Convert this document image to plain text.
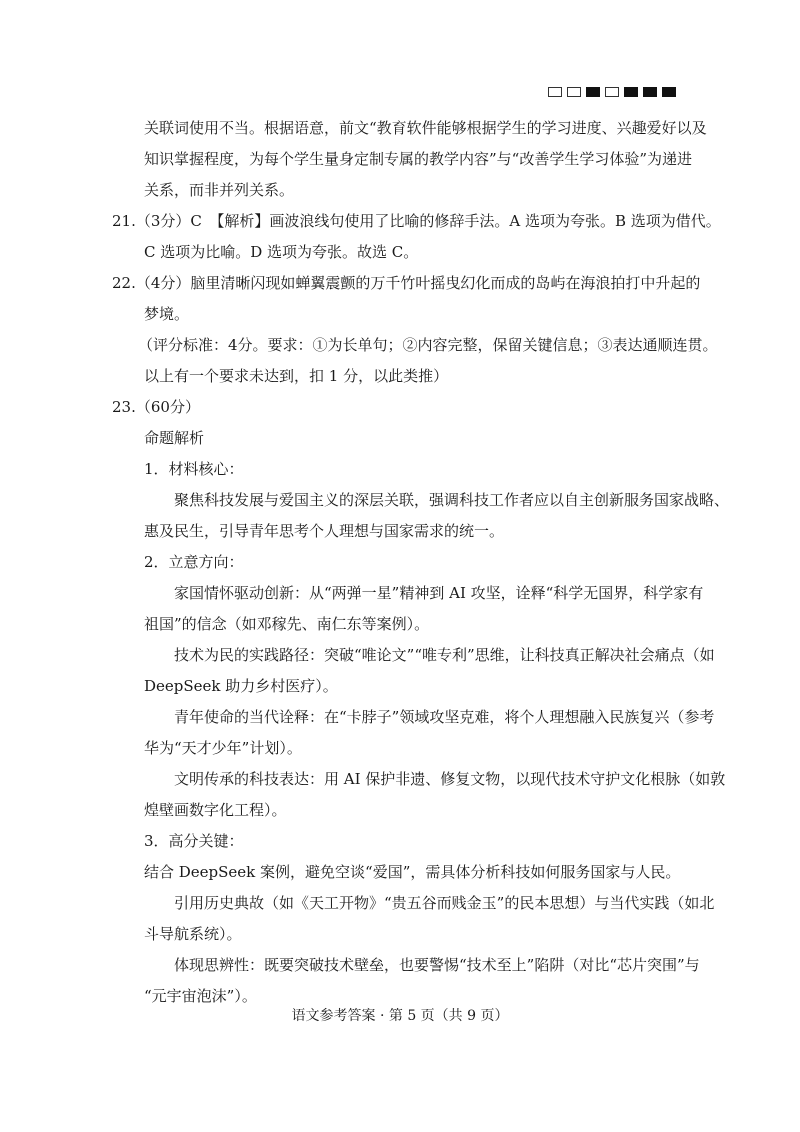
关联词使用不当。根据语意，前文“教育软件能够根据学生的学习进度、兴趣爱好以及
知识掌握程度，为每个学生量身定制专属的教学内容”与“改善学生学习体验”为递进
关系，而非并列关系。
21.（3分）C　【解析】画波浪线句使用了比喻的修辞手法。A 选项为夸张。B 选项为借代。
C 选项为比喻。D 选项为夸张。故选 C。
22.（4分）脑里清晰闪现如蝉翼震颤的万千竹叶摇曳幻化而成的岛屿在海浪拍打中升起的
梦境。
（评分标准：4分。要求：①为长单句；②内容完整，保留关键信息；③表达通顺连贯。
以上有一个要求未达到，扣 1 分，以此类推）
23.（60分）
命题解析
1．材料核心：
聚焦科技发展与爱国主义的深层关联，强调科技工作者应以自主创新服务国家战略、
惠及民生，引导青年思考个人理想与国家需求的统一。
2．立意方向：
家国情怀驱动创新：从“两弹一星”精神到 AI 攻坚，诠释“科学无国界，科学家有
祖国”的信念（如邓稼先、南仁东等案例）。
技术为民的实践路径：突破“唯论文”“唯专利”思维，让科技真正解决社会痛点（如
DeepSeek 助力乡村医疗）。
青年使命的当代诠释：在“卡脖子”领域攻坚克难，将个人理想融入民族复兴（参考
华为“天才少年”计划）。
文明传承的科技表达：用 AI 保护非遗、修复文物，以现代技术守护文化根脉（如敦
煌壁画数字化工程）。
3．高分关键：
结合 DeepSeek 案例，避免空谈“爱国”，需具体分析科技如何服务国家与人民。
引用历史典故（如《天工开物》“贵五谷而贱金玉”的民本思想）与当代实践（如北
斗导航系统）。
体现思辨性：既要突破技术壁垒，也要警惕“技术至上”陷阱（对比“芯片突围”与
“元宇宙泡沫”）。
语文参考答案 · 第 5 页（共 9 页）
